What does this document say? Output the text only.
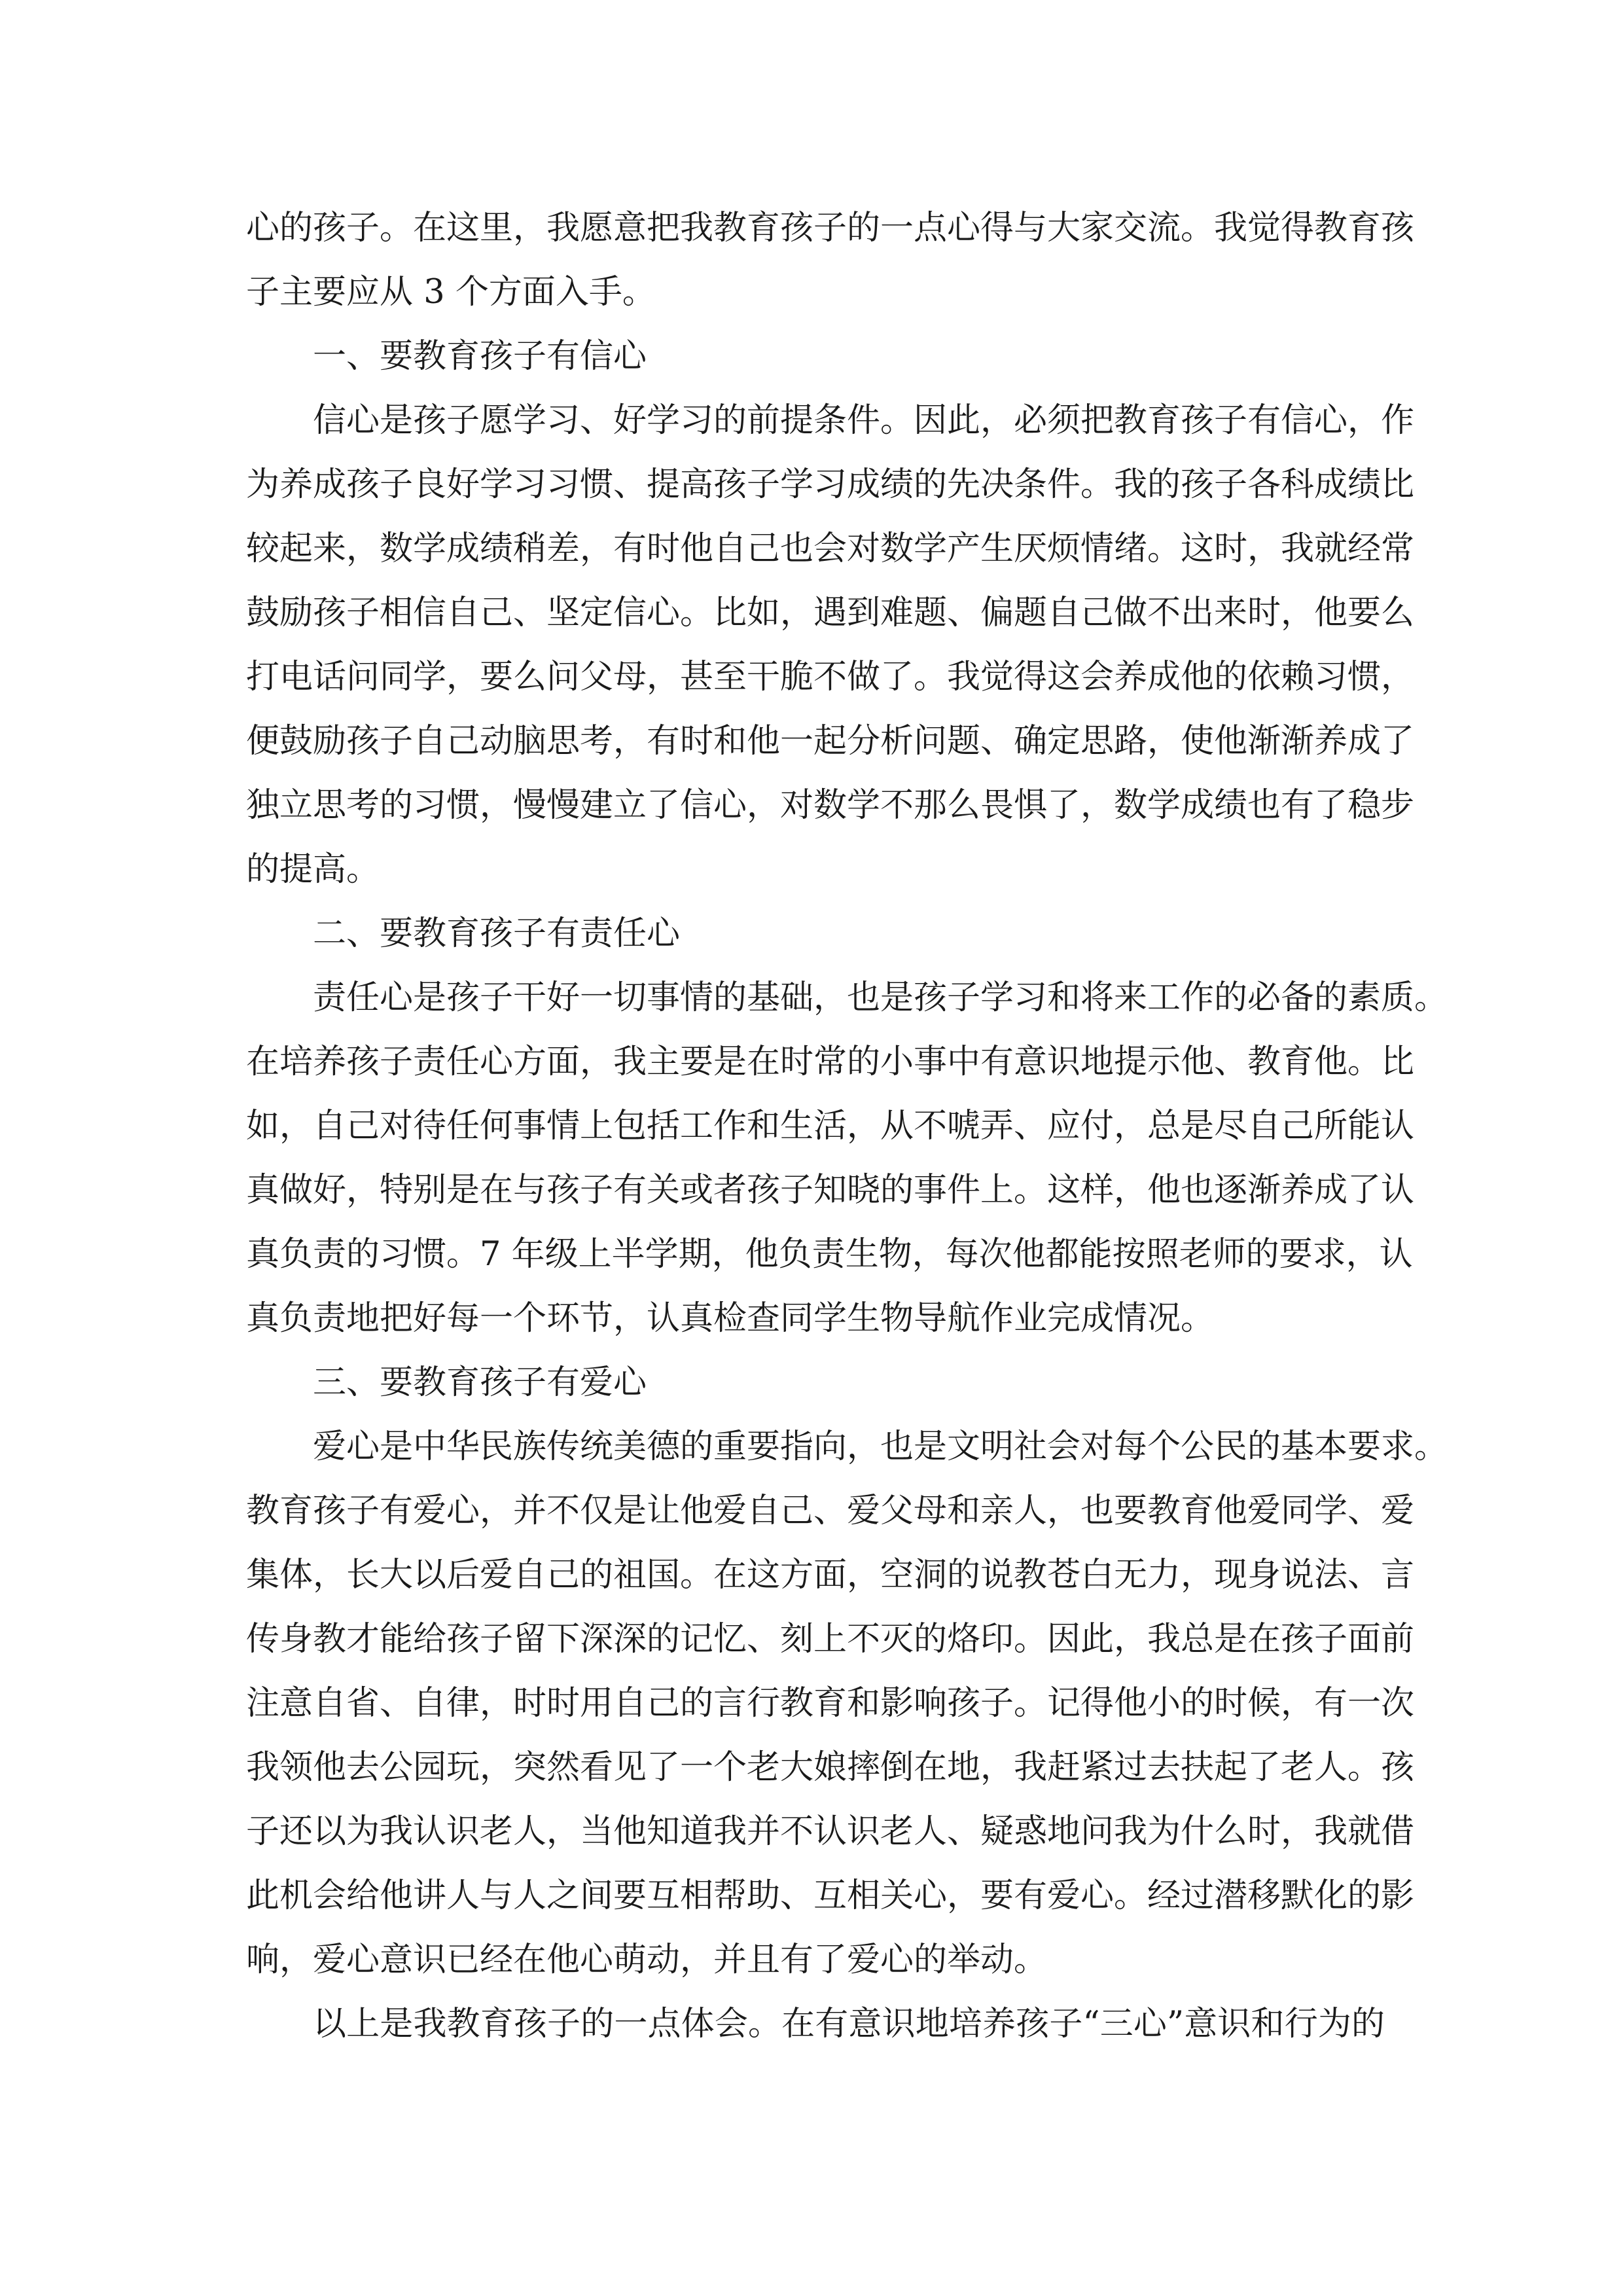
心的孩子。在这里，我愿意把我教育孩子的一点心得与大家交流。我觉得教育孩
子主要应从 3 个方面入手。
一、要教育孩子有信心
信心是孩子愿学习、好学习的前提条件。因此，必须把教育孩子有信心，作
为养成孩子良好学习习惯、提高孩子学习成绩的先决条件。我的孩子各科成绩比
较起来，数学成绩稍差，有时他自己也会对数学产生厌烦情绪。这时，我就经常
鼓励孩子相信自己、坚定信心。比如，遇到难题、偏题自己做不出来时，他要么
打电话问同学，要么问父母，甚至干脆不做了。我觉得这会养成他的依赖习惯，
便鼓励孩子自己动脑思考，有时和他一起分析问题、确定思路，使他渐渐养成了
独立思考的习惯，慢慢建立了信心，对数学不那么畏惧了，数学成绩也有了稳步
的提高。
二、要教育孩子有责任心
责任心是孩子干好一切事情的基础，也是孩子学习和将来工作的必备的素质。
在培养孩子责任心方面，我主要是在时常的小事中有意识地提示他、教育他。比
如，自己对待任何事情上包括工作和生活，从不唬弄、应付，总是尽自己所能认
真做好，特别是在与孩子有关或者孩子知晓的事件上。这样，他也逐渐养成了认
真负责的习惯。7 年级上半学期，他负责生物，每次他都能按照老师的要求，认
真负责地把好每一个环节，认真检查同学生物导航作业完成情况。
三、要教育孩子有爱心
爱心是中华民族传统美德的重要指向，也是文明社会对每个公民的基本要求。
教育孩子有爱心，并不仅是让他爱自己、爱父母和亲人，也要教育他爱同学、爱
集体，长大以后爱自己的祖国。在这方面，空洞的说教苍白无力，现身说法、言
传身教才能给孩子留下深深的记忆、刻上不灭的烙印。因此，我总是在孩子面前
注意自省、自律，时时用自己的言行教育和影响孩子。记得他小的时候，有一次
我领他去公园玩，突然看见了一个老大娘摔倒在地，我赶紧过去扶起了老人。孩
子还以为我认识老人，当他知道我并不认识老人、疑惑地问我为什么时，我就借
此机会给他讲人与人之间要互相帮助、互相关心，要有爱心。经过潜移默化的影
响，爱心意识已经在他心萌动，并且有了爱心的举动。
以上是我教育孩子的一点体会。在有意识地培养孩子“三心”意识和行为的
